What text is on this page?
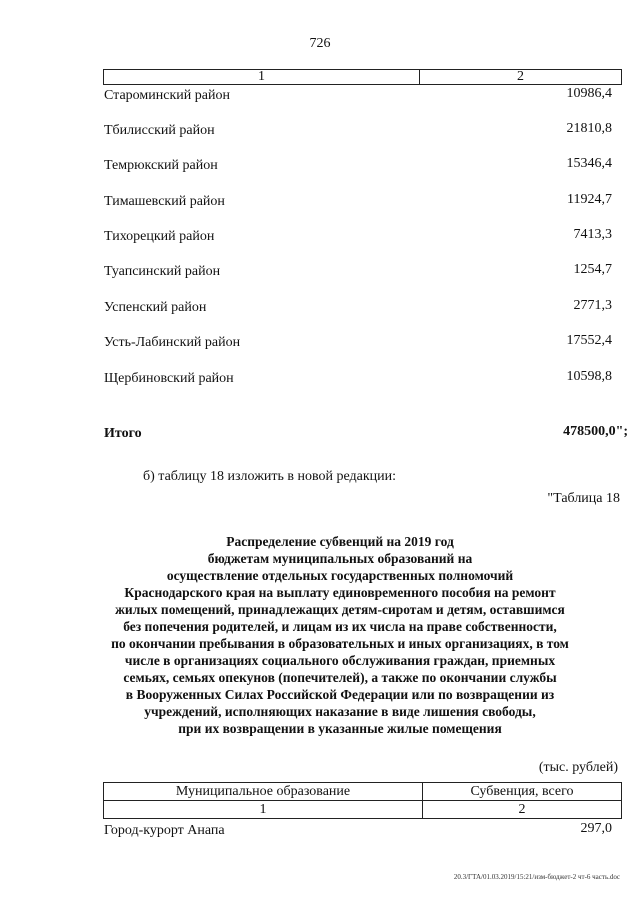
726
1	2
Староминский район	10986,4
Тбилисский район	21810,8
Темрюкский район	15346,4
Тимашевский район	11924,7
Тихорецкий район	7413,3
Туапсинский район	1254,7
Успенский район	2771,3
Усть-Лабинский район	17552,4
Щербиновский район	10598,8
Итого	478500,0";
б) таблицу 18 изложить в новой редакции:
"Таблица 18
Распределение субвенций на 2019 год
бюджетам муниципальных образований на
осуществление отдельных государственных полномочий
Краснодарского края на выплату единовременного пособия на ремонт
жилых помещений, принадлежащих детям-сиротам и детям, оставшимся
без попечения родителей, и лицам из их числа на праве собственности,
по окончании пребывания в образовательных и иных организациях, в том
числе в организациях социального обслуживания граждан, приемных
семьях, семьях опекунов (попечителей), а также по окончании службы
в Вооруженных Силах Российской Федерации или по возвращении из
учреждений, исполняющих наказание в виде лишения свободы,
при их возвращении в указанные жилые помещения
(тыс. рублей)
Муниципальное образование	Субвенция, всего
1	2
Город-курорт Анапа	297,0
20.3/ГТА/01.03.2019/15:21/изм-бюджет-2 чт-6 часть.doc
